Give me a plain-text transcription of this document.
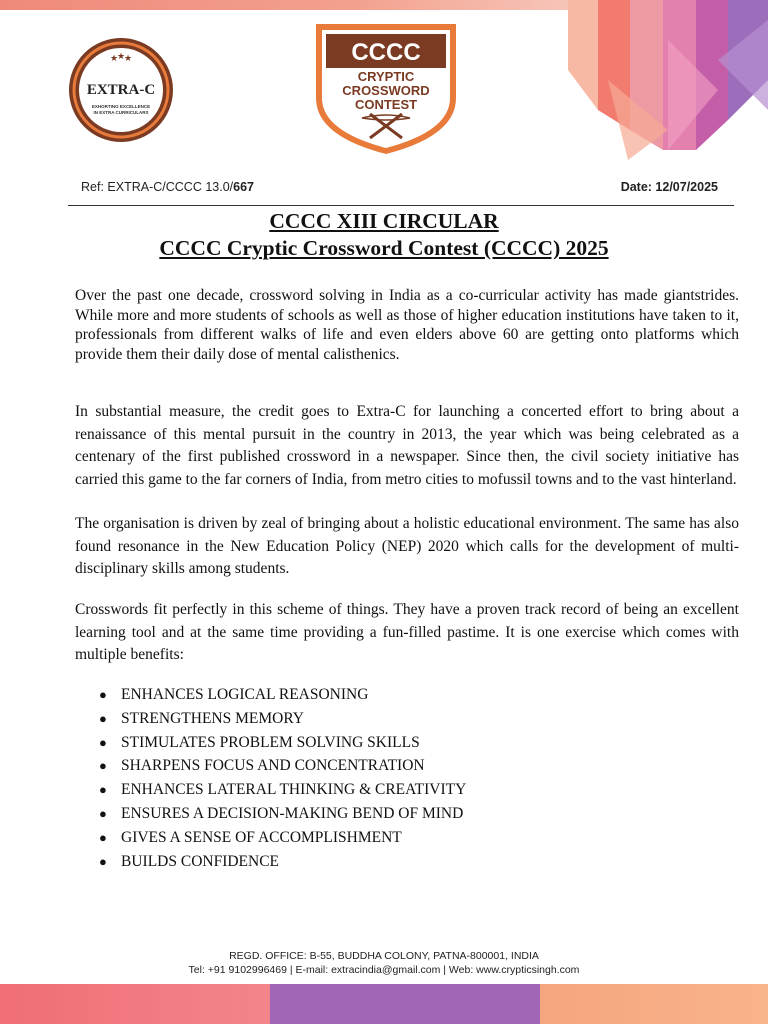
★
★
★
EXTRA-C
EXHORTING EXCELLENCE
IN EXTRA CURRICULARS
CCCC
CRYPTIC
CROSSWORD
CONTEST
Ref: EXTRA-C/CCCC 13.0/667	Date: 12/07/2025
CCCC XIII CIRCULAR
CCCC Cryptic Crossword Contest (CCCC) 2025

Over the past one decade, crossword solving in India as a co-curricular activity has made giantstrides. While more and more students of schools as well as those of higher education institutions have taken to it, professionals from different walks of life and even elders above 60 are getting onto platforms which provide them their daily dose of mental calisthenics.

In substantial measure, the credit goes to Extra-C for launching a concerted effort to bring about a renaissance of this mental pursuit in the country in 2013, the year which was being celebrated as a centenary of the first published crossword in a newspaper. Since then, the civil society initiative has carried this game to the far corners of India, from metro cities to mofussil towns and to the vast hinterland.

The organisation is driven by zeal of bringing about a holistic educational environment. The same has also found resonance in the New Education Policy (NEP) 2020 which calls for the development of multi-disciplinary skills among students.

Crosswords fit perfectly in this scheme of things. They have a proven track record of being an excellent learning tool and at the same time providing a fun-filled pastime. It is one exercise which comes with multiple benefits:

● ENHANCES LOGICAL REASONING
● STRENGTHENS MEMORY
● STIMULATES PROBLEM SOLVING SKILLS
● SHARPENS FOCUS AND CONCENTRATION
● ENHANCES LATERAL THINKING & CREATIVITY
● ENSURES A DECISION-MAKING BEND OF MIND
● GIVES A SENSE OF ACCOMPLISHMENT
● BUILDS CONFIDENCE
REGD. OFFICE: B-55, BUDDHA COLONY, PATNA-800001, INDIA
Tel: +91 9102996469 | E-mail: extracindia@gmail.com | Web: www.crypticsingh.com
